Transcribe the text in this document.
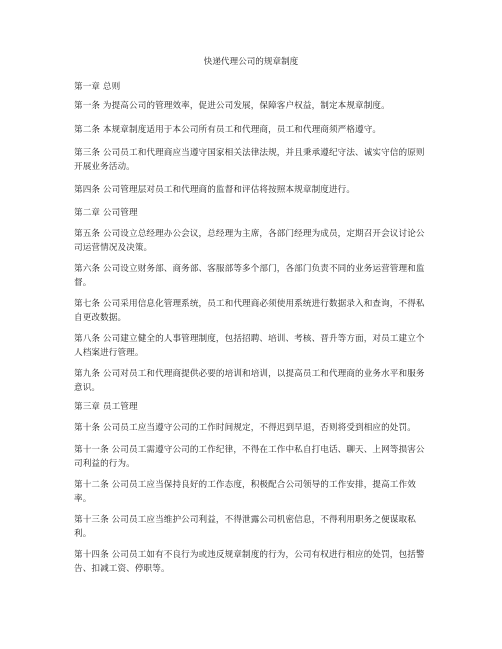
快递代理公司的规章制度
第一章 总则
第一条 为提高公司的管理效率，促进公司发展，保障客户权益，制定本规章制度。
第二条 本规章制度适用于本公司所有员工和代理商，员工和代理商须严格遵守。
第三条 公司员工和代理商应当遵守国家相关法律法规，并且秉承遵纪守法、诚实守信的原则开展业务活动。
第四条 公司管理层对员工和代理商的监督和评估将按照本规章制度进行。
第二章 公司管理
第五条 公司设立总经理办公会议，总经理为主席，各部门经理为成员，定期召开会议讨论公司运营情况及决策。
第六条 公司设立财务部、商务部、客服部等多个部门，各部门负责不同的业务运营管理和监督。
第七条 公司采用信息化管理系统，员工和代理商必须使用系统进行数据录入和查询，不得私自更改数据。
第八条 公司建立健全的人事管理制度，包括招聘、培训、考核、晋升等方面，对员工建立个人档案进行管理。
第九条 公司对员工和代理商提供必要的培训和培训，以提高员工和代理商的业务水平和服务意识。
第三章 员工管理
第十条 公司员工应当遵守公司的工作时间规定，不得迟到早退，否则将受到相应的处罚。
第十一条 公司员工需遵守公司的工作纪律，不得在工作中私自打电话、聊天、上网等损害公司利益的行为。
第十二条 公司员工应当保持良好的工作态度，积极配合公司领导的工作安排，提高工作效率。
第十三条 公司员工应当维护公司利益，不得泄露公司机密信息，不得利用职务之便谋取私利。
第十四条 公司员工如有不良行为或违反规章制度的行为，公司有权进行相应的处罚，包括警告、扣减工资、停职等。
